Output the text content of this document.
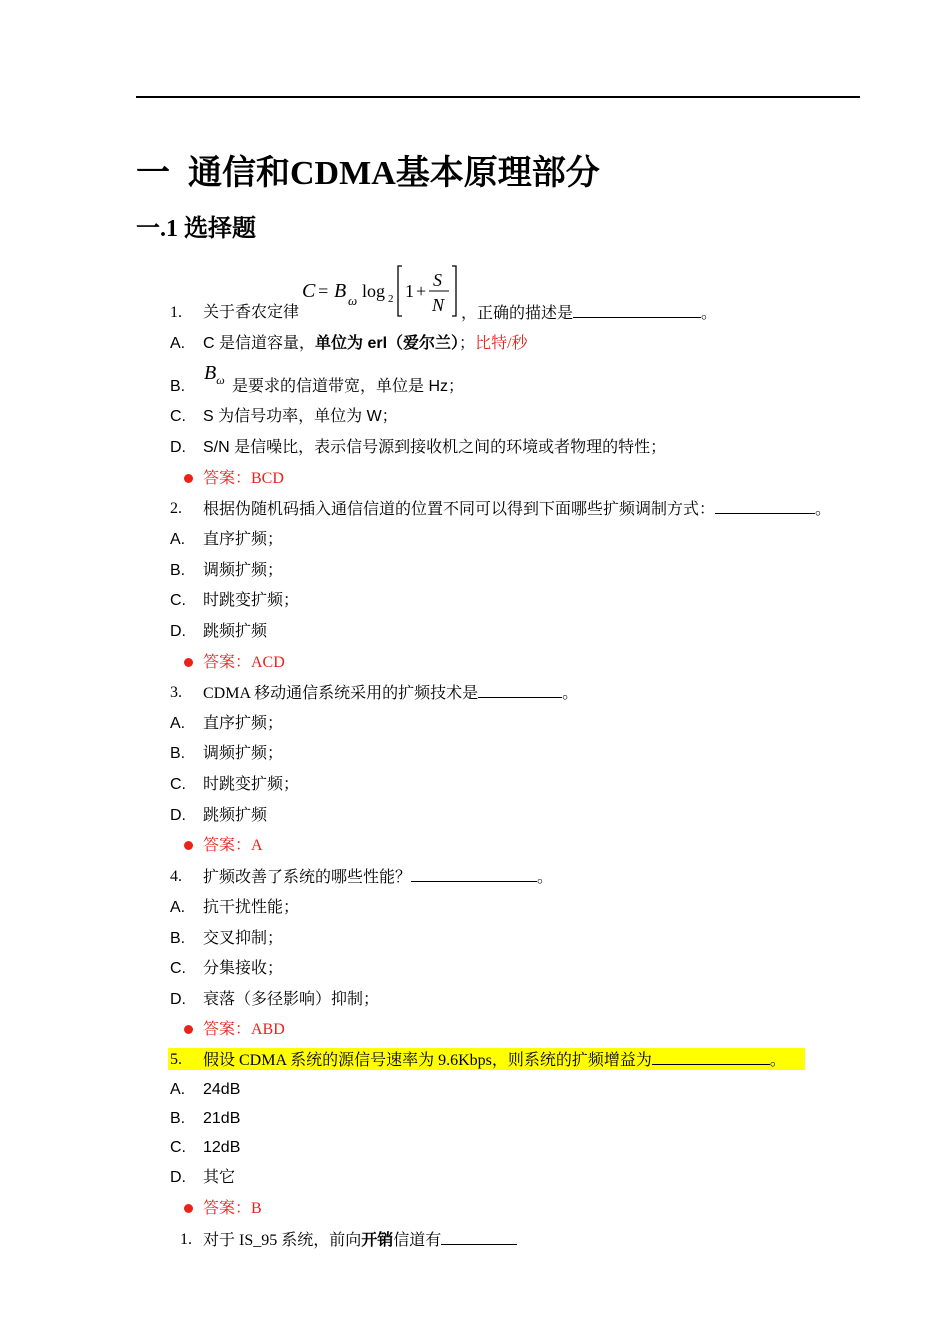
一 通信和CDMA基本原理部分
一.1 选择题
C = B ω log 2 1 +
S
N
1. 关于香农定律	，正确的描述是	。
A. C 是信道容量，单位为 erl（爱尔兰）；比特/秒
B.	是要求的信道带宽，单位是 Hz；
$B_\omega$
C. S 为信号功率，单位为 W；
D. S/N 是信噪比，表示信号源到接收机之间的环境或者物理的特性；
答案：BCD
2. 根据伪随机码插入通信信道的位置不同可以得到下面哪些扩频调制方式：	。
A. 直序扩频；
B. 调频扩频；
C. 时跳变扩频；
D. 跳频扩频
答案：ACD
3. CDMA 移动通信系统采用的扩频技术是	。
A. 直序扩频；
B. 调频扩频；
C. 时跳变扩频；
D. 跳频扩频
答案：A
4. 扩频改善了系统的哪些性能？	。
A. 抗干扰性能；
B. 交叉抑制；
C. 分集接收；
D. 衰落（多径影响）抑制；
答案：ABD
5. 假设 CDMA 系统的源信号速率为 9.6Kbps，则系统的扩频增益为	。
A. 24dB
B. 21dB
C. 12dB
D. 其它
答案：B
1. 对于 IS_95 系统，前向开销信道有
